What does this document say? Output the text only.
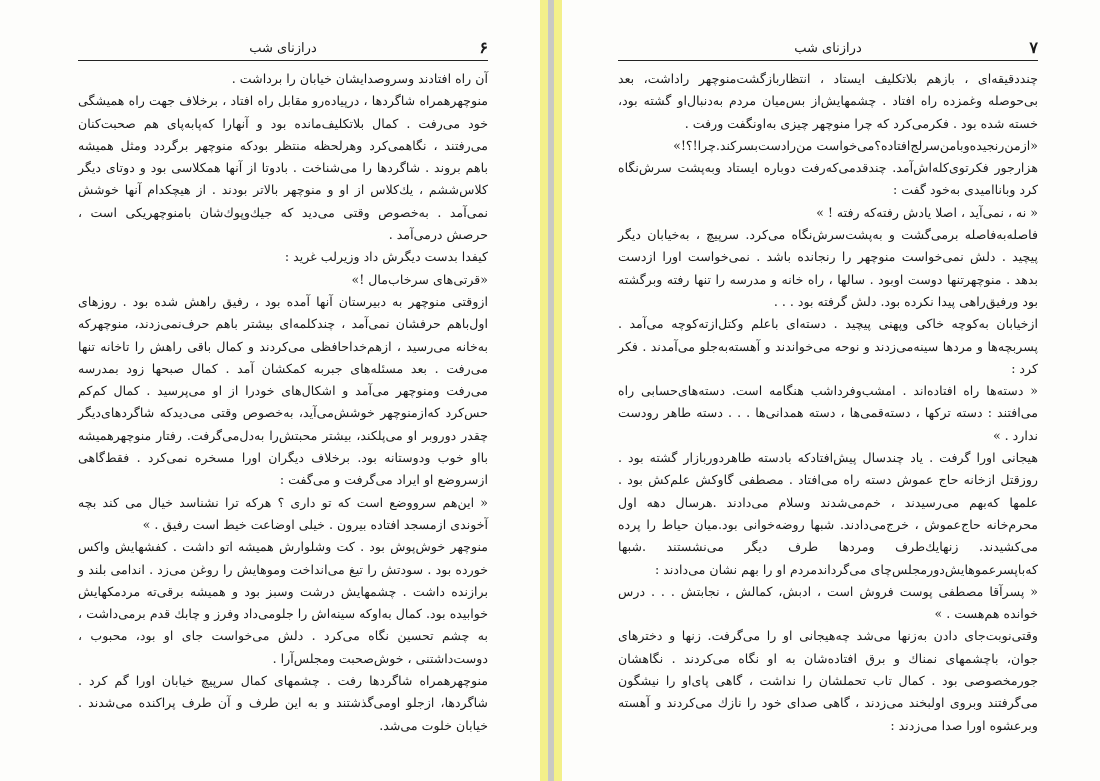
۶
درازنای شب

آن راه افتادند وسروصدایشان خیابان را برداشت .

منوچهرهمراه شاگردها ، درپیاده‌رو مقابل راه افتاد ، برخلاف جهت راه همیشگی خود می‌رفت . کمال بلاتکلیف‌مانده بود و آنهارا که‌پابه‌پای هم صحبت‌کنان می‌رفتند ، نگاهمی‌کرد وهرلحظه منتظر بودکه منوچهر برگردد ومثل همیشه باهم بروند . شاگردها را می‌شناخت . بادوتا از آنها همکلاسی بود و دوتای دیگر کلاس‌ششم ، یك‌کلاس از او و منوچهر بالاتر بودند . از هیچکدام آنها خوشش نمی‌آمد . به‌خصوص وقتی می‌دید که جیك‌وپوك‌شان بامنوچهریکی است ، حرصش درمی‌آمد .

کیفدا بدست دیگرش داد وزیرلب غرید :

«قرتی‌های سرخاب‌مال !»

ازوقتی منوچهر به دبیرستان آنها آمده بود ، رفیق راهش شده بود . روزهای اول‌باهم حرفشان نمی‌آمد ، چندکلمه‌ای بیشتر باهم حرف‌نمی‌زدند، منوچهرکه به‌خانه می‌رسید ، ازهم‌خداحافظی می‌کردند و کمال باقی راهش را تاخانه تنها می‌رفت . بعد مسئله‌های جبربه کمکشان آمد . کمال صبحها زود بمدرسه می‌رفت ومنوچهر می‌آمد و اشکال‌های خودرا از او می‌پرسید . کمال کم‌کم حس‌کرد که‌ازمنوچهر خوشش‌می‌آید، به‌خصوص وقتی می‌دیدکه شاگردهای‌دیگر چقدر دوروبر او می‌پلکند، بیشتر محبتش‌را به‌دل‌می‌گرفت. رفتار منوچهرهمیشه باا‌و خوب ودوستانه بود. برخلاف دیگران اورا مسخره نمی‌کرد . فقط‌گاهی ازسروضع او ایراد می‌گرفت و می‌گفت :

« این‌هم سرووضع است که تو داری ؟ هرکه ترا نشناسد خیال می کند بچه آخوندی ازمسجد افتاده بیرون . خیلی اوضاعت خیط است رفیق . »

منوچهر خوش‌پوش بود . کت وشلوارش همیشه اتو داشت . کفشهایش واکس خورده بود . سودتش را تیغ می‌انداخت وموهایش را روغن می‌زد . اندامی بلند و برازنده داشت . چشمهایش درشت وسبز بود و همیشه برقی‌ته مردمکهایش خوابیده بود. کمال به‌اوکه سینه‌اش را جلومی‌داد وفرز و چابك قدم برمی‌داشت ، به چشم تحسین نگاه می‌کرد . دلش می‌خواست جای او بود، محبوب ، دوست‌داشتنی ، خوش‌صحبت ومجلس‌آرا .

منوچهرهمراه شاگردها رفت . چشمهای کمال سرپیچ خیابان اورا گم کرد . شاگردها، ازجلو اومی‌گذشتند و به این طرف و آن طرف پراکنده می‌شدند . خیابان خلوت می‌شد.

۷
درازنای شب

چنددقیقه‌ای ، بازهم بلاتکلیف ایستاد ، انتظاربازگشت‌منوچهر راداشت، بعد بی‌حوصله وغمزده راه افتاد . چشمهایش‌از بس‌میان مردم به‌دنبال‌او گشته بود، خسته شده بود . فکرمی‌کرد که چرا منوچهر چیزی به‌اونگفت ورفت .

«ازمن‌رنجیده‌و‌بامن‌سرلج‌افتاده؟می‌خواست من‌رادست‌بسرکند.چرا!؟!»

هزارجور فکرتوی‌کله‌اش‌آمد. چندقدمی‌که‌رفت دوباره ایستاد وبه‌پشت سرش‌نگاه کرد وبانا‌امیدی به‌خود گفت :

« نه ، نمی‌آید ، اصلا یادش رفته‌که رفته ! »

فاصله‌به‌فاصله برمی‌گشت و به‌پشت‌سرش‌نگاه می‌کرد. سرپیچ ، به‌خیابان دیگر پیچید . دلش نمی‌خواست منوچهر را رنجانده باشد . نمی‌خواست اورا ازدست بدهد . منوچهرتنها دوست اوبود . سالها ، راه خانه و مدرسه را تنها رفته وبرگشته بود ورفیق‌راهی پیدا نکرده بود. دلش گرفته بود . . .

ازخیابان به‌کوچه خاکی وپهنی پیچید . دسته‌ای باعلم وکتل‌ازته‌کوچه می‌آمد . پسربچه‌ها و مردها سینه‌می‌زدند و نوحه می‌خواندند و آهسته‌به‌جلو می‌آمدند . فکر کرد :

« دسته‌ها راه افتاده‌اند . امشب‌وفرداشب هنگامه است. دسته‌های‌حسابی راه می‌افتند : دسته ترکها ، دسته‌قمی‌ها ، دسته همدانی‌ها . . . دسته طاهر رودست ندارد . »

هیجانی اورا گرفت . یاد چندسال پیش‌افتادکه بادسته طاهردوربازار گشته بود . روزقتل ازخانه حاج عموش دسته راه می‌افتاد . مصطفی گاوکش علم‌کش بود . علمها که‌بهم می‌رسیدند ، خم‌می‌شدند وسلام می‌دادند .هرسال دهه اول محرم‌خانه حاج‌عموش ، خرج‌می‌دادند. شبها روضه‌خوانی بود.میان حیاط را پرده می‌کشیدند. زنهایك‌طرف ومردها طرف دیگر می‌نشستند .شبها که‌باپسرعمو‌هایش‌دورمجلس‌چای می‌گرداندمردم او را بهم نشان می‌دادند :

« پسرآقا مصطفی پوست فروش است ، ادبش، کمالش ، نجابتش . . . درس خوانده هم‌هست . »

وقتی‌نوبت‌جای دادن به‌زنها می‌شد چه‌هیجانی او را می‌گرفت. زنها و دخترهای جوان، باچشمهای نمناك و برق افتاده‌شان به او نگاه می‌کردند . نگاهشان جورمخصوصی بود . کمال تاب تحملشان را نداشت ، گاهی پای‌او را نیشگون می‌گرفتند و‌بروی اولبخند می‌زدند ، گاهی صدای خود را نازك می‌کردند و آهسته وبرعشوه اورا صدا می‌زدند :
